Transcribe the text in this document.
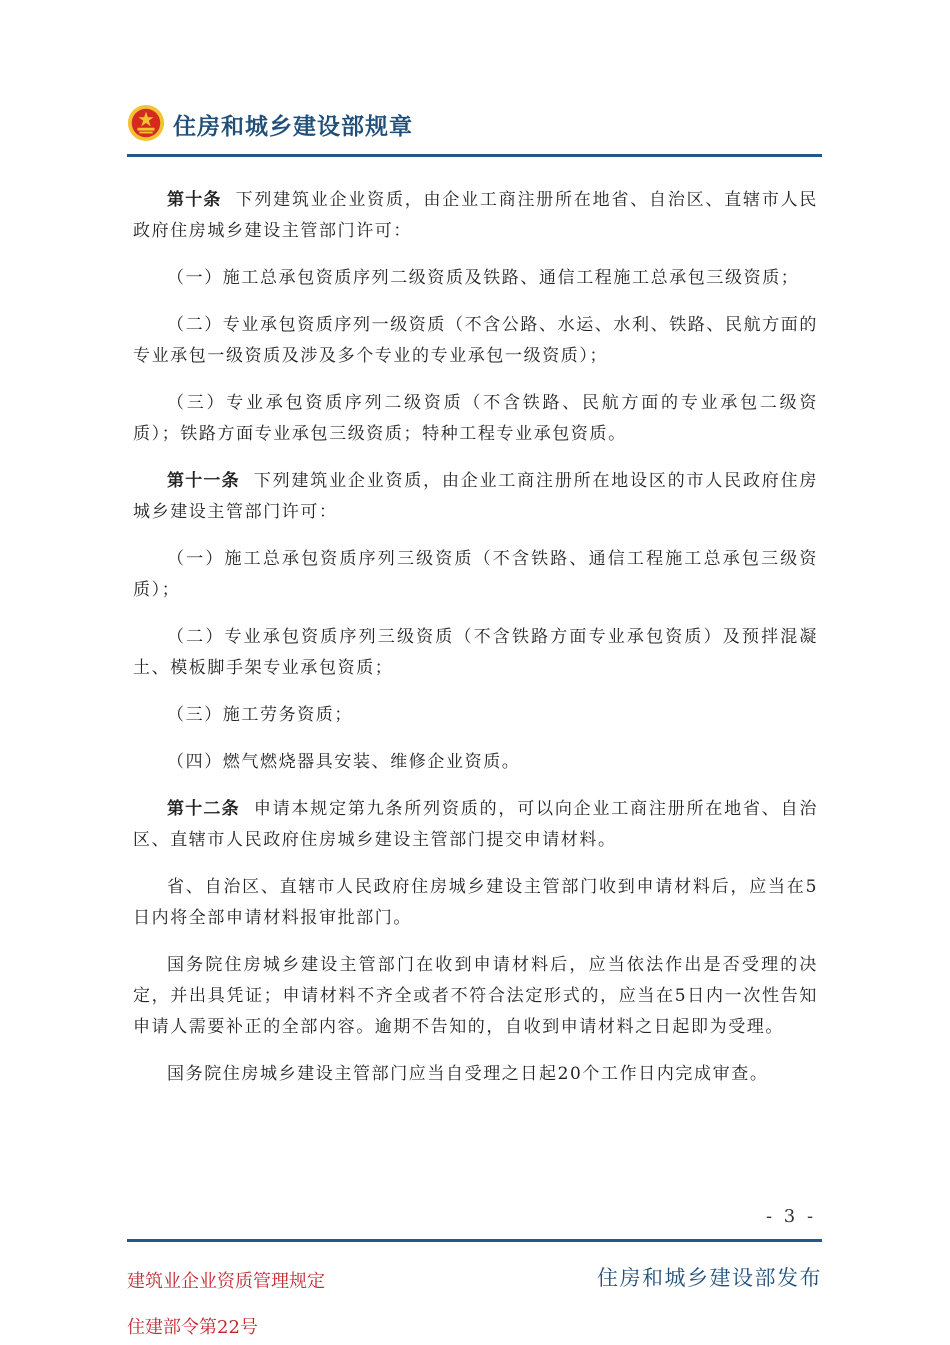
住房和城乡建设部规章

第十条 下列建筑业企业资质，由企业工商注册所在地省、自治区、直辖市人民政府住房城乡建设主管部门许可：

（一）施工总承包资质序列二级资质及铁路、通信工程施工总承包三级资质；

（二）专业承包资质序列一级资质（不含公路、水运、水利、铁路、民航方面的专业承包一级资质及涉及多个专业的专业承包一级资质）；

（三）专业承包资质序列二级资质（不含铁路、民航方面的专业承包二级资质）；铁路方面专业承包三级资质；特种工程专业承包资质。

第十一条 下列建筑业企业资质，由企业工商注册所在地设区的市人民政府住房城乡建设主管部门许可：

（一）施工总承包资质序列三级资质（不含铁路、通信工程施工总承包三级资质）；

（二）专业承包资质序列三级资质（不含铁路方面专业承包资质）及预拌混凝土、模板脚手架专业承包资质；

（三）施工劳务资质；

（四）燃气燃烧器具安装、维修企业资质。

第十二条 申请本规定第九条所列资质的，可以向企业工商注册所在地省、自治区、直辖市人民政府住房城乡建设主管部门提交申请材料。

省、自治区、直辖市人民政府住房城乡建设主管部门收到申请材料后，应当在5日内将全部申请材料报审批部门。

国务院住房城乡建设主管部门在收到申请材料后，应当依法作出是否受理的决定，并出具凭证；申请材料不齐全或者不符合法定形式的，应当在5日内一次性告知申请人需要补正的全部内容。逾期不告知的，自收到申请材料之日起即为受理。

国务院住房城乡建设主管部门应当自受理之日起20个工作日内完成审查。

- 3 -
建筑业企业资质管理规定
住建部令第22号
住房和城乡建设部发布
